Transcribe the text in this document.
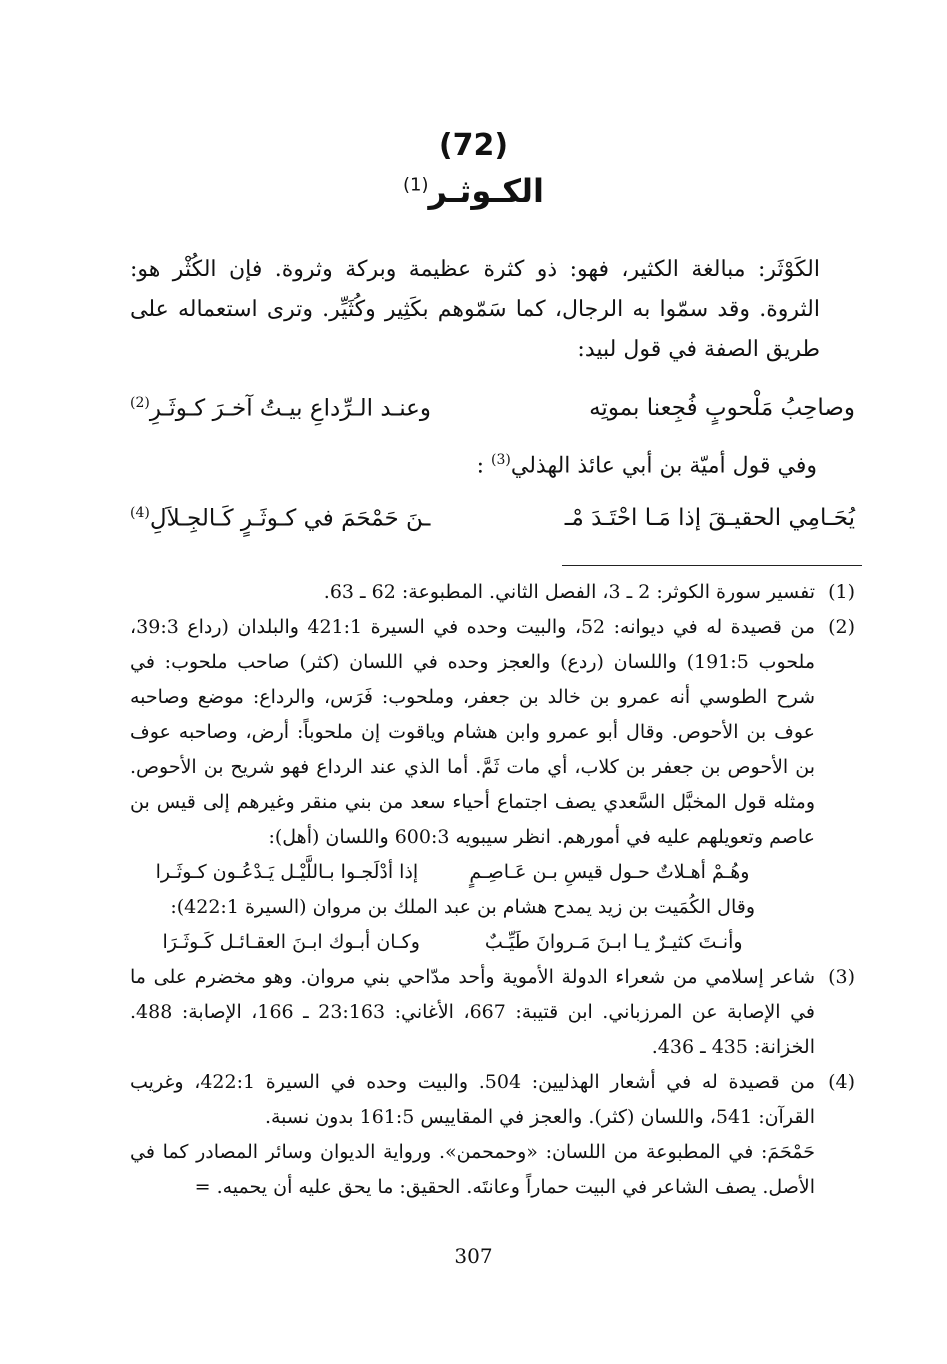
(72)
الكـوثـر$^{(1)}$
الكَوْثَر: مبالغة الكثير، فهو: ذو كثرة عظيمة وبركة وثروة. فإن الكُثْر هو: الثروة. وقد سمّوا به الرجال، كما سَمّوهم بكَثِير وكُثَيِّر. وترى استعماله على طريق الصفة في قول لبيد:
وصاحِبُ مَلْحوبٍ فُجِعنا بموتِه
وعنـد الـرِّداعِ بيـتُ آخـرَ كـوثَـرِ$^{(2)}$
وفي قول أميّة بن أبي عائذ الهذلي$^{(3)}$ :
يُحَـامِي الحقيـقَ إذا مَـا احْتَـدَ مْـ
ـنَ حَمْحَمَ في كـوثَـرٍ كَـالجِـلاَلِ$^{(4)}$
(1)
تفسير سورة الكوثر: 2 ـ 3، الفصل الثاني. المطبوعة: 62 ـ 63.
(2)
من قصيدة له في ديوانه: 52، والبيت وحده في السيرة 421:1 والبلدان (رداع 39:3، ملحوب 191:5) واللسان (ردع) والعجز وحده في اللسان (كثر) صاحب ملحوب: في شرح الطوسي أنه عمرو بن خالد بن جعفر، وملحوب: فَرَس، والرداع: موضع وصاحبه عوف بن الأحوص. وقال أبو عمرو وابن هشام وياقوت إن ملحوباً: أرض، وصاحبه عوف بن الأحوص بن جعفر بن كلاب، أي مات ثَمَّ. أما الذي عند الرداع فهو شريح بن الأحوص. ومثله قول المخبَّل السَّعدي يصف اجتماع أحياء سعد من بني منقر وغيرهم إلى قيس بن عاصم وتعويلهم عليه في أمورهم. انظر سيبويه 600:3 واللسان (أهل):
وهُـمْ أهـلاتٌ حـول قيسِ بـن عَـاصِـمٍ
إذا أدْلَجـوا بـاللَّيْـل يَـدْعُـون كـوثَـرا
وقال الكُمَيت بن زيد يمدح هشام بن عبد الملك بن مروان (السيرة 422:1):
وأنـتَ كثيـرٌ يـا ابـنَ مَـروانَ طَيِّـبٌ
وكـان أبـوك ابـنَ العقـائـل كَـوثَـرَا
(3)
شاعر إسلامي من شعراء الدولة الأموية وأحد مدّاحي بني مروان. وهو مخضرم على ما في الإصابة عن المرزباني. ابن قتيبة: 667، الأغاني: 23:163 ـ 166، الإصابة: 488. الخزانة: 435 ـ 436.
(4)
من قصيدة له في أشعار الهذليين: 504. والبيت وحده في السيرة 422:1، وغريب القرآن: 541، واللسان (كثر). والعجز في المقاييس 161:5 بدون نسبة.
حَمْحَمَ: في المطبوعة من اللسان: «وحمحمن». ورواية الديوان وسائر المصادر كما في الأصل. يصف الشاعر في البيت حماراً وعانتَه. الحقيق: ما يحق عليه أن يحميه. =
307
